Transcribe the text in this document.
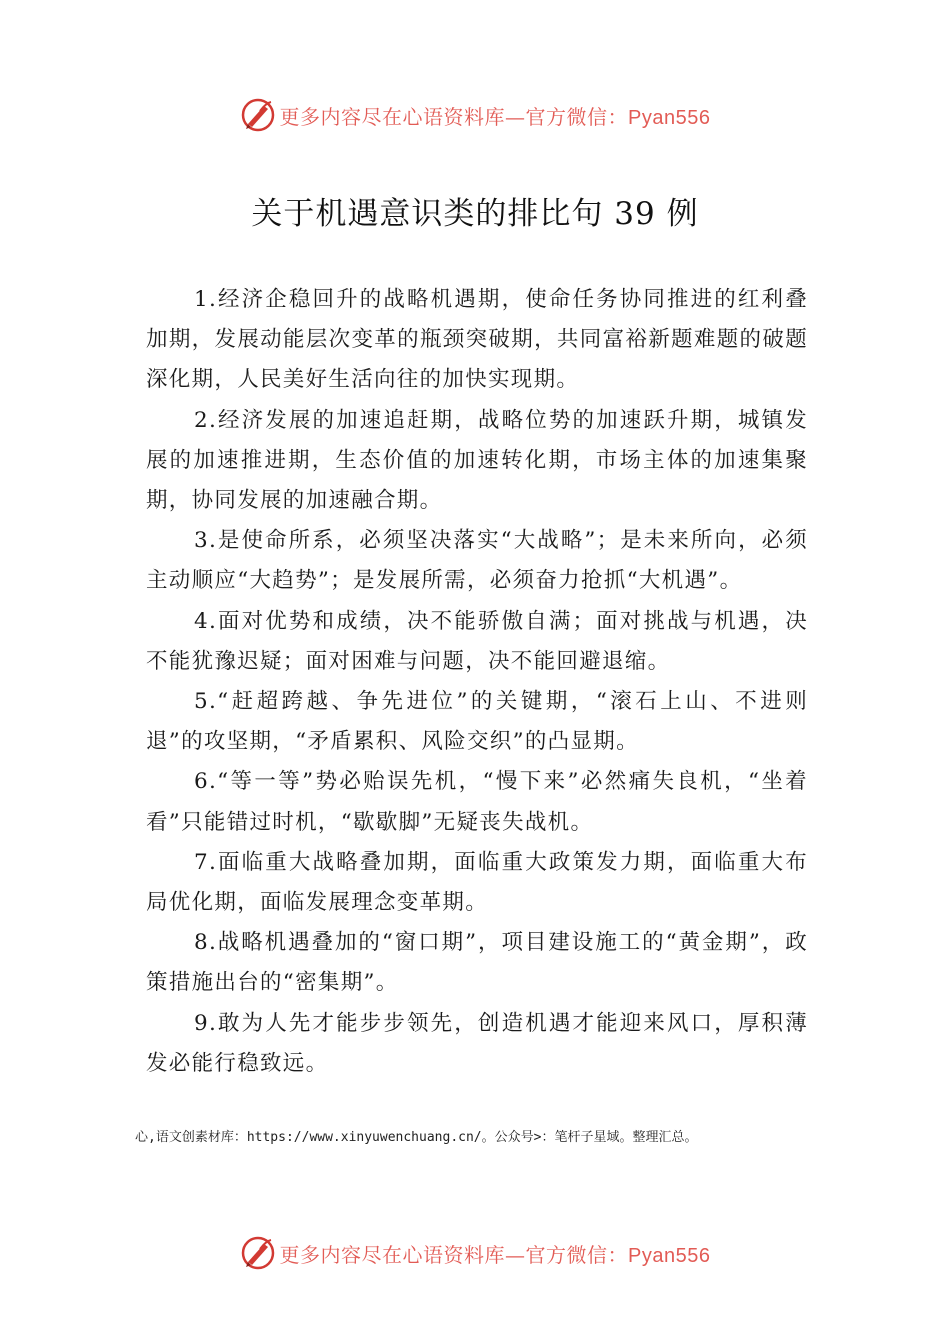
更多内容尽在心语资料库—官方微信：Pyan556
关于机遇意识类的排比句 39 例

1.经济企稳回升的战略机遇期，使命任务协同推进的红利叠加期，发展动能层次变革的瓶颈突破期，共同富裕新题难题的破题深化期，人民美好生活向往的加快实现期。

2.经济发展的加速追赶期，战略位势的加速跃升期，城镇发展的加速推进期，生态价值的加速转化期，市场主体的加速集聚期，协同发展的加速融合期。

3.是使命所系，必须坚决落实“大战略”；是未来所向，必须主动顺应“大趋势”；是发展所需，必须奋力抢抓“大机遇”。

4.面对优势和成绩，决不能骄傲自满；面对挑战与机遇，决不能犹豫迟疑；面对困难与问题，决不能回避退缩。

5.“赶超跨越、争先进位”的关键期，“滚石上山、不进则退”的攻坚期，“矛盾累积、风险交织”的凸显期。

6.“等一等”势必贻误先机，“慢下来”必然痛失良机，“坐着看”只能错过时机，“歇歇脚”无疑丧失战机。

7.面临重大战略叠加期，面临重大政策发力期，面临重大布局优化期，面临发展理念变革期。

8.战略机遇叠加的“窗口期”，项目建设施工的“黄金期”，政策措施出台的“密集期”。

9.敢为人先才能步步领先，创造机遇才能迎来风口，厚积薄发必能行稳致远。

心,语文创素材库：https://www.xinyuwenchuang.cn/。公众号>：笔杆子星域。整理汇总。
更多内容尽在心语资料库—官方微信：Pyan556
